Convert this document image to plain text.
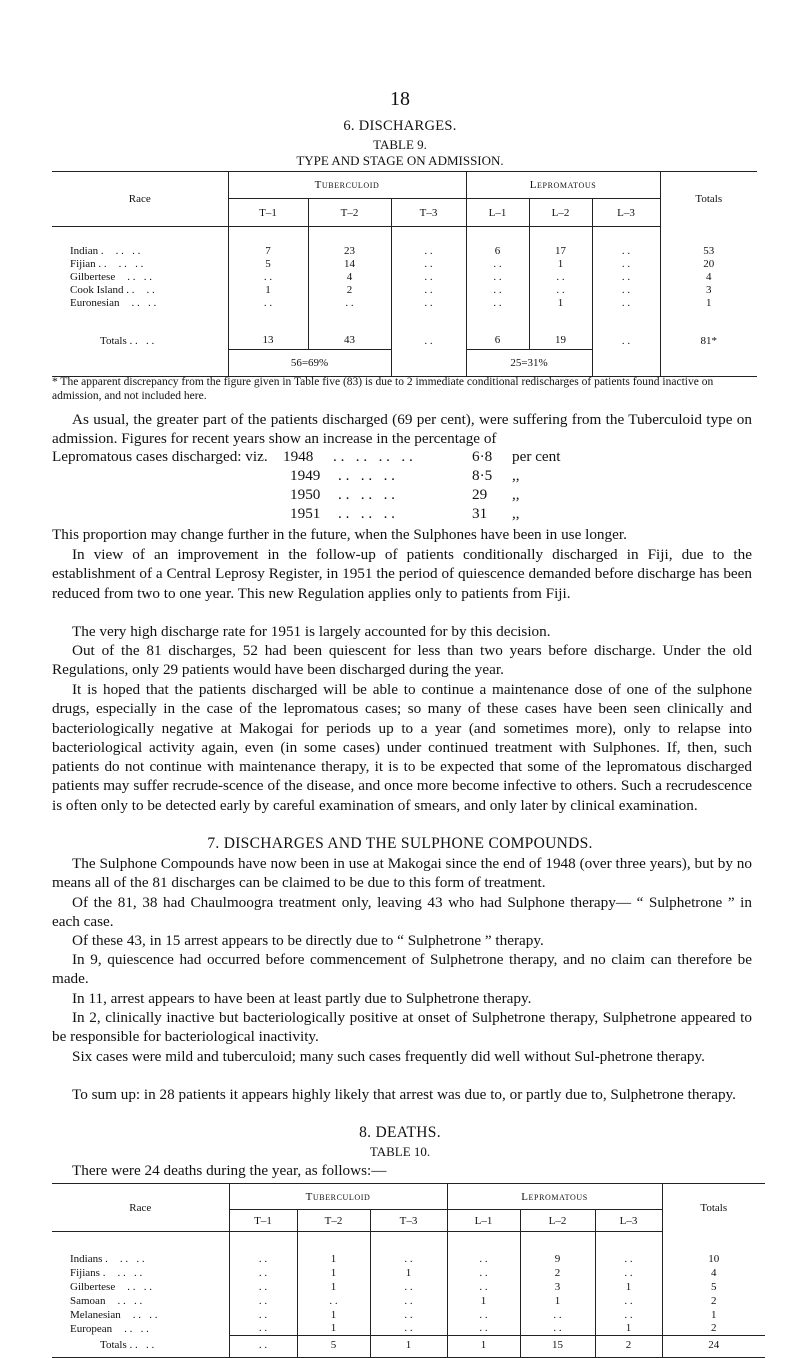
18
6. DISCHARGES.
TABLE 9.
TYPE AND STAGE ON ADMISSION.
Race	Tuberculoid			Lepromatous			Totals
	T–1	T–2	T–3	L–1	L–2	L–3	

Indian . . .   . .	7	23	. .	6	17	. .	53
Fijian . . . .   . .	5	14	. .	. .	1	. .	20
Gilbertese . .   . .	. .	4	. .	. .	. .	. .	4
Cook Island . . . .	1	2	. .	. .	. .	. .	3
Euronesian . .   . .	. .	. .	. .	. .	1	. .	1

Totals . . . .	13	43	. .	6	19	. .	81*
	56=69%			25=31%			
* The apparent discrepancy from the figure given in Table five (83) is due to 2 immediate conditional redischarges of patients found inactive on admission, and not included here.
As usual, the greater part of the patients discharged (69 per cent), were suffering from the Tuberculoid type on admission. Figures for recent years show an increase in the percentage of
Lepromatous cases discharged: viz. 1948 . .   . .   . .   . .	6·8 per cent
1949 . .   . .   . .	8·5 ,,
1950 . .   . .   . .	29 ,,
1951 . .   . .   . .	31 ,,
This proportion may change further in the future, when the Sulphones have been in use longer.
In view of an improvement in the follow-up of patients conditionally discharged in Fiji, due to the establishment of a Central Leprosy Register, in 1951 the period of quiescence demanded before discharge has been reduced from two to one year. This new Regulation applies only to patients from Fiji.
The very high discharge rate for 1951 is largely accounted for by this decision.
Out of the 81 discharges, 52 had been quiescent for less than two years before discharge. Under the old Regulations, only 29 patients would have been discharged during the year.
It is hoped that the patients discharged will be able to continue a maintenance dose of one of the sulphone drugs, especially in the case of the lepromatous cases; so many of these cases have been seen clinically and bacteriologically negative at Makogai for periods up to a year (and sometimes more), only to relapse into bacteriological activity again, even (in some cases) under continued treatment with Sulphones. If, then, such patients do not continue with maintenance therapy, it is to be expected that some of the lepromatous discharged patients may suffer recrude-scence of the disease, and once more become infective to others. Such a recrudescence is often only to be detected early by careful examination of smears, and only later by clinical examination.
7. DISCHARGES AND THE SULPHONE COMPOUNDS.
The Sulphone Compounds have now been in use at Makogai since the end of 1948 (over three years), but by no means all of the 81 discharges can be claimed to be due to this form of treatment.
Of the 81, 38 had Chaulmoogra treatment only, leaving 43 who had Sulphone therapy— “ Sulphetrone ” in each case.
Of these 43, in 15 arrest appears to be directly due to “ Sulphetrone ” therapy.
In 9, quiescence had occurred before commencement of Sulphetrone therapy, and no claim can therefore be made.
In 11, arrest appears to have been at least partly due to Sulphetrone therapy.
In 2, clinically inactive but bacteriologically positive at onset of Sulphetrone therapy, Sulphetrone appeared to be responsible for bacteriological inactivity.
Six cases were mild and tuberculoid; many such cases frequently did well without Sul-phetrone therapy.
To sum up: in 28 patients it appears highly likely that arrest was due to, or partly due to, Sulphetrone therapy.
8. DEATHS.
TABLE 10.
There were 24 deaths during the year, as follows:—
Race	Tuberculoid			Lepromatous			Totals
	T–1	T–2	T–3	L–1	L–2	L–3	

Indians . . .   . .	. .	1	. .	. .	9	. .	10
Fijians . . .   . .	. .	1	1	. .	2	. .	4
Gilbertese . .   . .	. .	1	. .	. .	3	1	5
Samoan . .   . .	. .	. .	. .	1	1	. .	2
Melanesian . .   . .	. .	1	. .	. .	. .	. .	1
European . .   . .	. .	1	. .	. .	. .	1	2
Totals . . . .	. .	5	1	1	15	2	24
